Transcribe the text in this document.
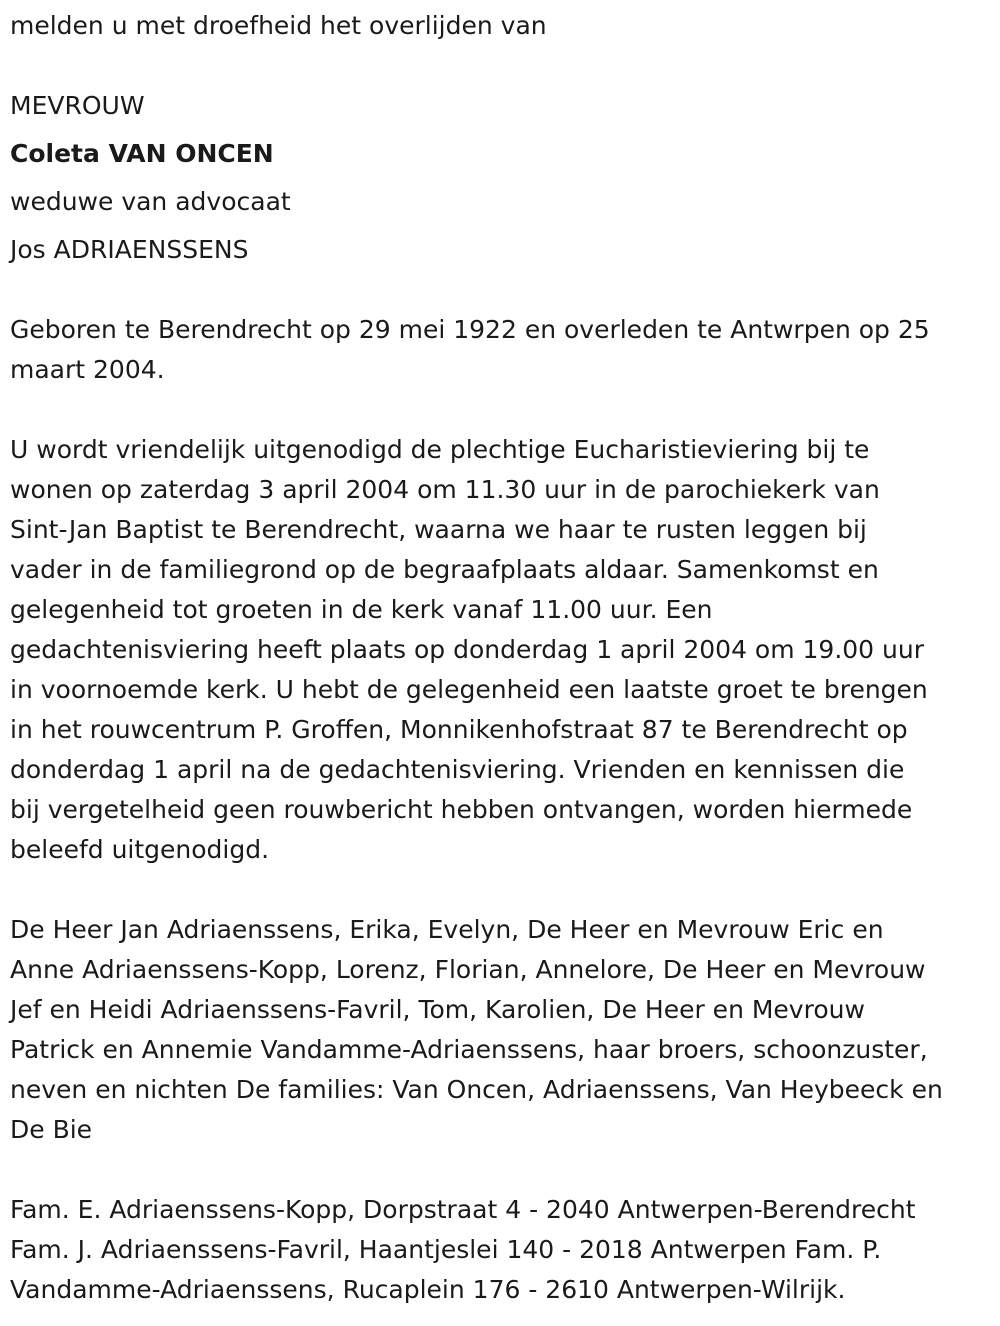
melden u met droefheid het overlijden van

MEVROUW

Coleta VAN ONCEN

weduwe van advocaat

Jos ADRIAENSSENS

Geboren te Berendrecht op 29 mei 1922 en overleden te Antwrpen op 25
maart 2004.
U wordt vriendelijk uitgenodigd de plechtige Eucharistieviering bij te
wonen op zaterdag 3 april 2004 om 11.30 uur in de parochiekerk van
Sint-Jan Baptist te Berendrecht, waarna we haar te rusten leggen bij
vader in de familiegrond op de begraafplaats aldaar. Samenkomst en
gelegenheid tot groeten in de kerk vanaf 11.00 uur. Een
gedachtenisviering heeft plaats op donderdag 1 april 2004 om 19.00 uur
in voornoemde kerk. U hebt de gelegenheid een laatste groet te brengen
in het rouwcentrum P. Groffen, Monnikenhofstraat 87 te Berendrecht op
donderdag 1 april na de gedachtenisviering. Vrienden en kennissen die
bij vergetelheid geen rouwbericht hebben ontvangen, worden hiermede
beleefd uitgenodigd.
De Heer Jan Adriaenssens, Erika, Evelyn, De Heer en Mevrouw Eric en
Anne Adriaenssens-Kopp, Lorenz, Florian, Annelore, De Heer en Mevrouw
Jef en Heidi Adriaenssens-Favril, Tom, Karolien, De Heer en Mevrouw
Patrick en Annemie Vandamme-Adriaenssens, haar broers, schoonzuster,
neven en nichten De families: Van Oncen, Adriaenssens, Van Heybeeck en
De Bie
Fam. E. Adriaenssens-Kopp, Dorpstraat 4 - 2040 Antwerpen-Berendrecht
Fam. J. Adriaenssens-Favril, Haantjeslei 140 - 2018 Antwerpen Fam. P.
Vandamme-Adriaenssens, Rucaplein 176 - 2610 Antwerpen-Wilrijk.
